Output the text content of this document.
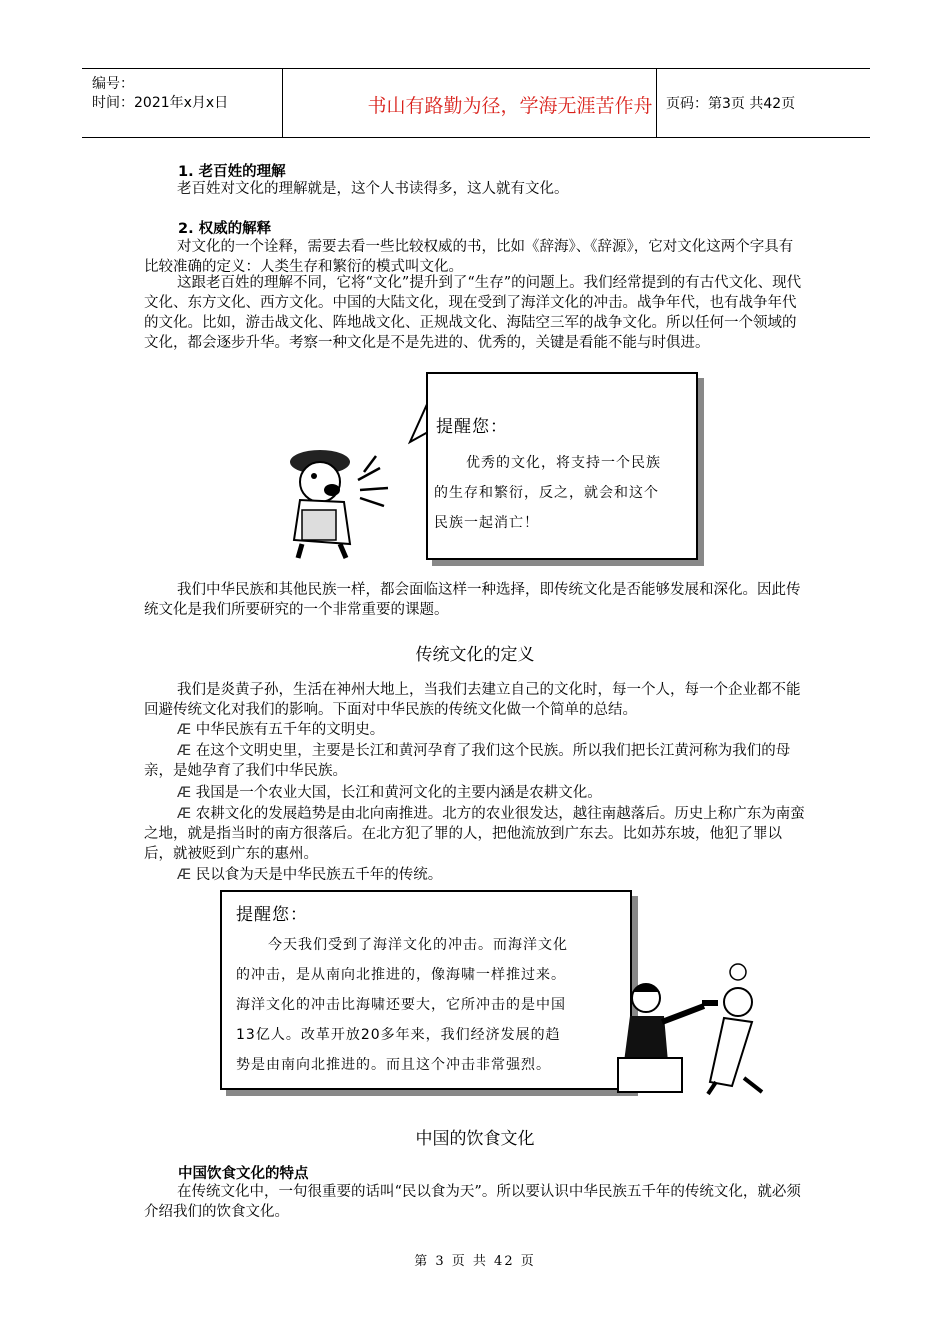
编号：
时间：2021年x月x日	书山有路勤为径，学海无涯苦作舟 页码：第3页 共42页
1. 老百姓的理解
老百姓对文化的理解就是，这个人书读得多，这人就有文化。
2. 权威的解释
对文化的一个诠释，需要去看一些比较权威的书，比如《辞海》、《辞源》，它对文化这两个字具有比较准确的定义：人类生存和繁衍的模式叫文化。
这跟老百姓的理解不同，它将“文化”提升到了“生存”的问题上。我们经常提到的有古代文化、现代文化、东方文化、西方文化。中国的大陆文化，现在受到了海洋文化的冲击。战争年代，也有战争年代的文化。比如，游击战文化、阵地战文化、正规战文化、海陆空三军的战争文化。所以任何一个领域的文化，都会逐步升华。考察一种文化是不是先进的、优秀的，关键是看能不能与时俱进。
提醒您：
优秀的文化，将支持一个民族
的生存和繁衍，反之，就会和这个
民族一起消亡！
我们中华民族和其他民族一样，都会面临这样一种选择，即传统文化是否能够发展和深化。因此传统文化是我们所要研究的一个非常重要的课题。
传统文化的定义
我们是炎黄子孙，生活在神州大地上，当我们去建立自己的文化时，每一个人，每一个企业都不能回避传统文化对我们的影响。下面对中华民族的传统文化做一个简单的总结。
Æ 中华民族有五千年的文明史。
Æ 在这个文明史里，主要是长江和黄河孕育了我们这个民族。所以我们把长江黄河称为我们的母亲，是她孕育了我们中华民族。
Æ 我国是一个农业大国，长江和黄河文化的主要内涵是农耕文化。
Æ 农耕文化的发展趋势是由北向南推进。北方的农业很发达，越往南越落后。历史上称广东为南蛮之地，就是指当时的南方很落后。在北方犯了罪的人，把他流放到广东去。比如苏东坡，他犯了罪以后，就被贬到广东的惠州。
Æ 民以食为天是中华民族五千年的传统。
提醒您：
今天我们受到了海洋文化的冲击。而海洋文化
的冲击，是从南向北推进的，像海啸一样推过来。
海洋文化的冲击比海啸还要大，它所冲击的是中国
13亿人。改革开放20多年来，我们经济发展的趋
势是由南向北推进的。而且这个冲击非常强烈。
中国的饮食文化
中国饮食文化的特点
在传统文化中，一句很重要的话叫“民以食为天”。所以要认识中华民族五千年的传统文化，就必须介绍我们的饮食文化。
第 3 页 共 42 页
